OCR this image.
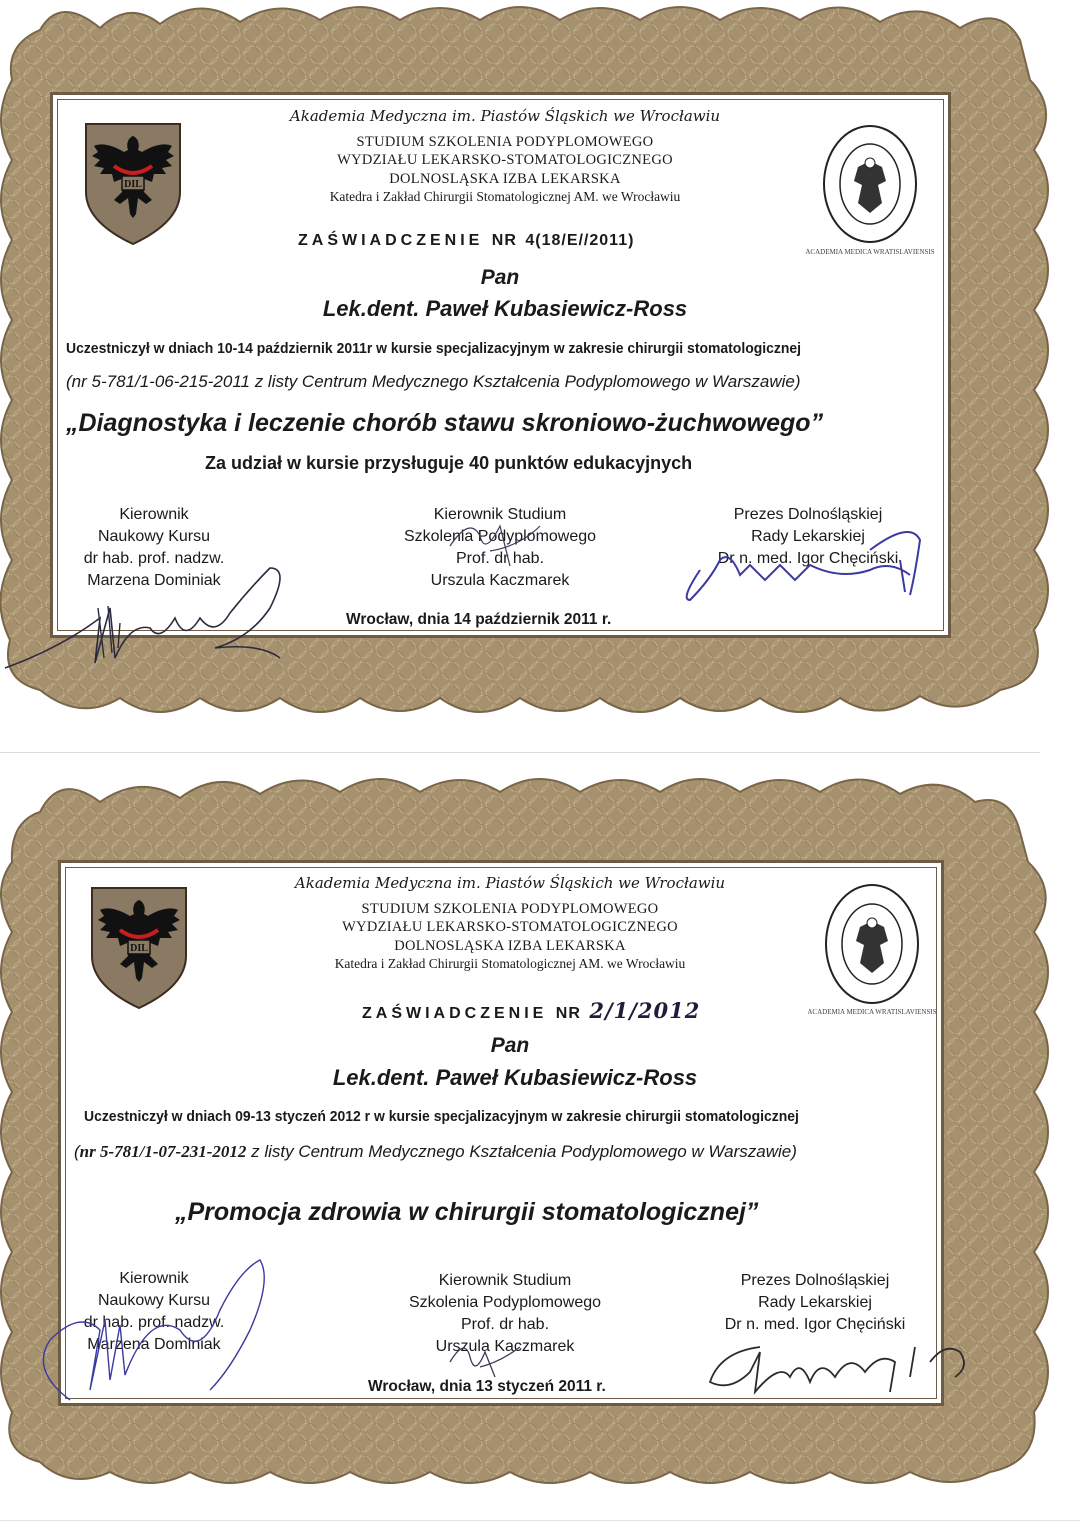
ACADEMIA MEDICA WRATISLAVIENSIS
Akademia Medyczna im. Piastów Śląskich we Wrocławiu
STUDIUM SZKOLENIA PODYPLOMOWEGO
WYDZIAŁU LEKARSKO-STOMATOLOGICZNEGO
DOLNOSLĄSKA IZBA LEKARSKA
Katedra i Zakład Chirurgii Stomatologicznej AM. we Wrocławiu
ZAŚWIADCZENIE NR 4(18/E//2011)
Pan
Lek.dent. Paweł Kubasiewicz-Ross
Uczestniczył w dniach 10-14 październik 2011r w kursie specjalizacyjnym w zakresie chirurgii stomatologicznej
(nr 5-781/1-06-215-2011 z listy Centrum Medycznego Kształcenia Podyplomowego w Warszawie)
„Diagnostyka i leczenie chorób stawu skroniowo-żuchwowego”
Za udział w kursie przysługuje 40 punktów edukacyjnych
Kierownik
Naukowy Kursu
dr hab. prof. nadzw.
Marzena Dominiak
Kierownik Studium
Szkolenia Podyplomowego
Prof. dr hab.
Urszula Kaczmarek
Prezes Dolnośląskiej
Rady Lekarskiej
Dr n. med. Igor Chęciński
Wrocław, dnia 14 październik 2011 r.
ACADEMIA MEDICA WRATISLAVIENSIS
Akademia Medyczna im. Piastów Śląskich we Wrocławiu
STUDIUM SZKOLENIA PODYPLOMOWEGO
WYDZIAŁU LEKARSKO-STOMATOLOGICZNEGO
DOLNOSLĄSKA IZBA LEKARSKA
Katedra i Zakład Chirurgii Stomatologicznej AM. we Wrocławiu
ZAŚWIADCZENIE NR 2/1/2012
Pan
Lek.dent. Paweł Kubasiewicz-Ross
Uczestniczył w dniach 09-13 styczeń 2012 r w kursie specjalizacyjnym w zakresie chirurgii stomatologicznej
(nr 5-781/1-07-231-2012 z listy Centrum Medycznego Kształcenia Podyplomowego w Warszawie)
„Promocja zdrowia w chirurgii stomatologicznej”
Kierownik
Naukowy Kursu
dr hab. prof. nadzw.
Marzena Dominiak
Kierownik Studium
Szkolenia Podyplomowego
Prof. dr hab.
Urszula Kaczmarek
Prezes Dolnośląskiej
Rady Lekarskiej
Dr n. med. Igor Chęciński
Wrocław, dnia 13 styczeń 2011 r.
